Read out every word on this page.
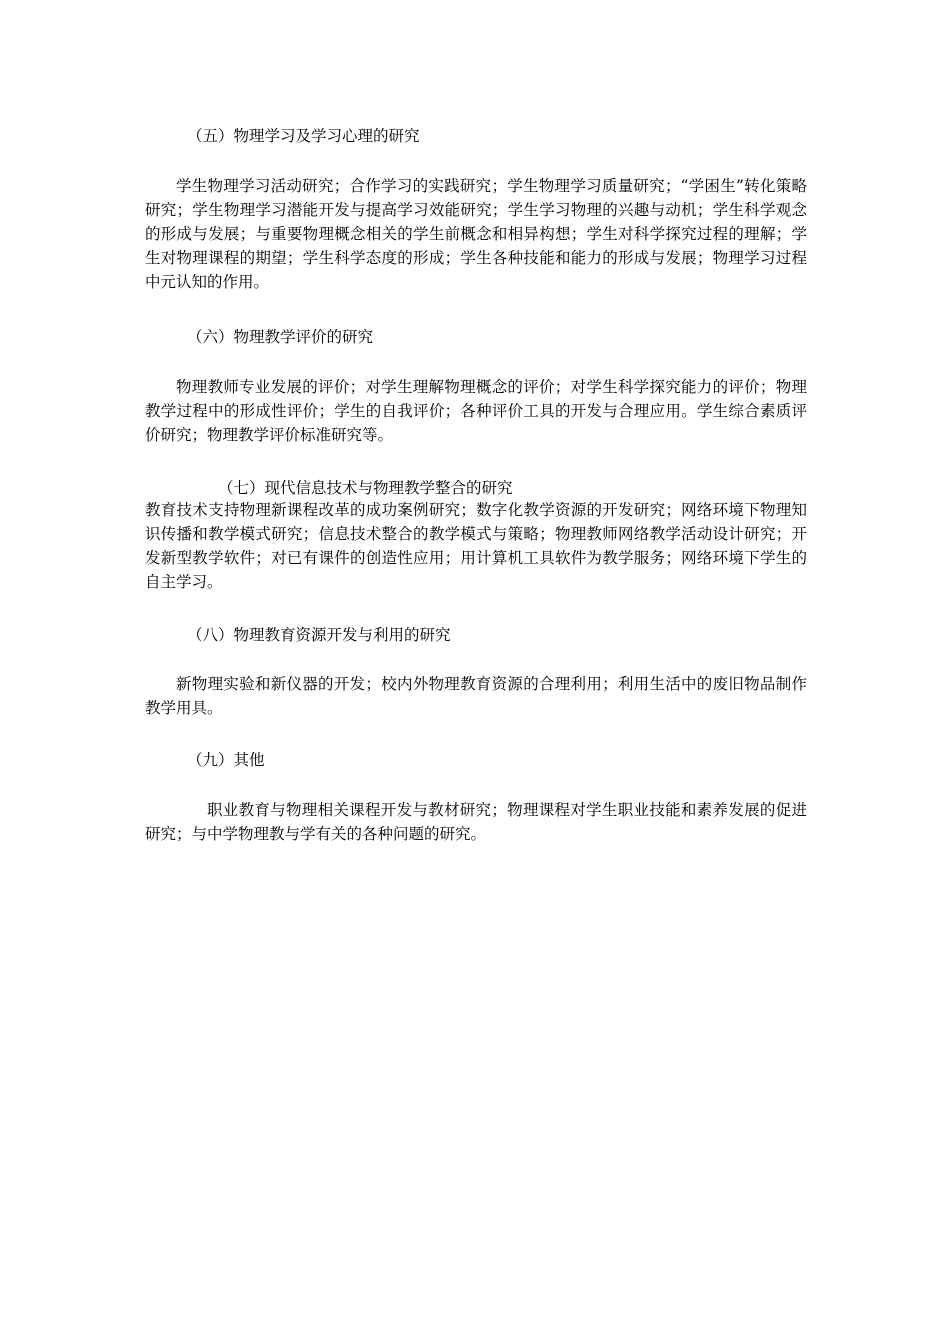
（五）物理学习及学习心理的研究

学生物理学习活动研究；合作学习的实践研究；学生物理学习质量研究；“学困生”转化策略研究；学生物理学习潜能开发与提高学习效能研究；学生学习物理的兴趣与动机；学生科学观念的形成与发展；与重要物理概念相关的学生前概念和相异构想；学生对科学探究过程的理解；学生对物理课程的期望；学生科学态度的形成；学生各种技能和能力的形成与发展；物理学习过程中元认知的作用。

（六）物理教学评价的研究

物理教师专业发展的评价；对学生理解物理概念的评价；对学生科学探究能力的评价；物理教学过程中的形成性评价；学生的自我评价；各种评价工具的开发与合理应用。学生综合素质评价研究；物理教学评价标准研究等。

（七）现代信息技术与物理教学整合的研究

教育技术支持物理新课程改革的成功案例研究；数字化教学资源的开发研究；网络环境下物理知识传播和教学模式研究；信息技术整合的教学模式与策略；物理教师网络教学活动设计研究；开发新型教学软件；对已有课件的创造性应用；用计算机工具软件为教学服务；网络环境下学生的自主学习。

（八）物理教育资源开发与利用的研究

新物理实验和新仪器的开发；校内外物理教育资源的合理利用；利用生活中的废旧物品制作教学用具。

（九）其他

职业教育与物理相关课程开发与教材研究；物理课程对学生职业技能和素养发展的促进研究；与中学物理教与学有关的各种问题的研究。
